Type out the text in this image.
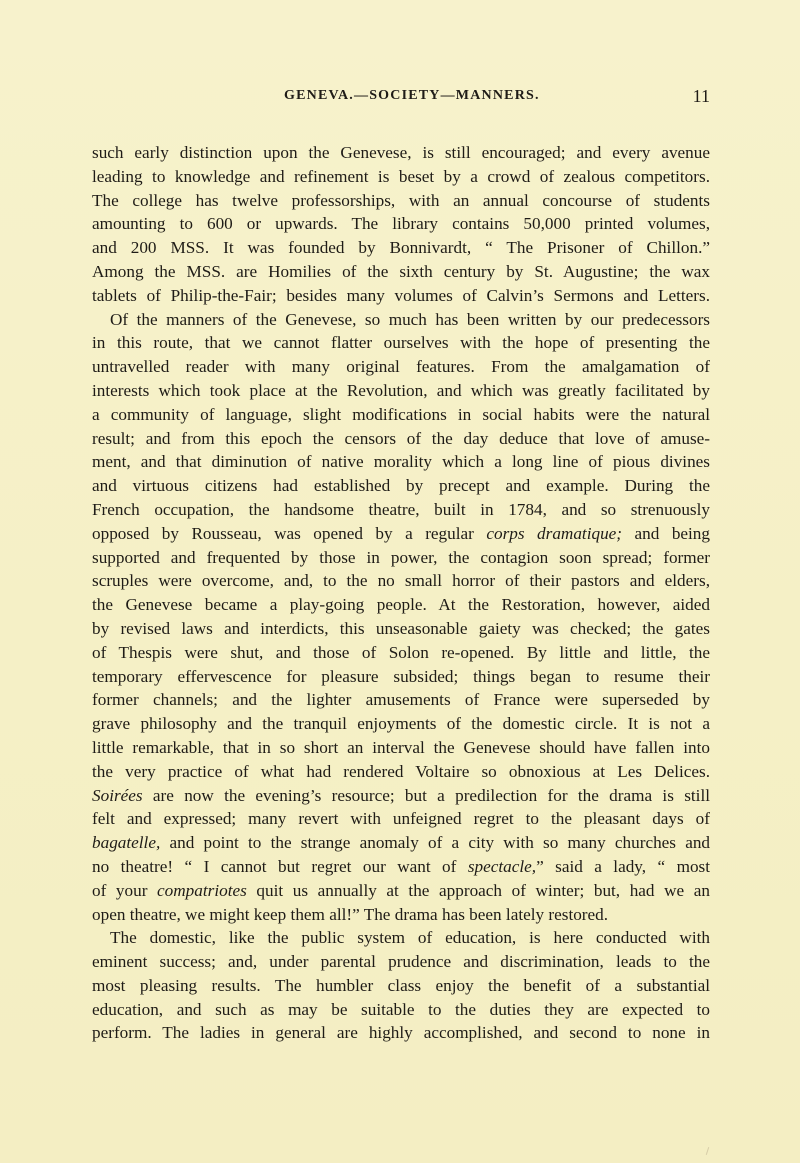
GENEVA.—SOCIETY—MANNERS.	11
such early distinction upon the Genevese, is still encouraged; and every avenue
leading to knowledge and refinement is beset by a crowd of zealous competitors.
The college has twelve professorships, with an annual concourse of students
amounting to 600 or upwards. The library contains 50,000 printed volumes,
and 200 MSS. It was founded by Bonnivardt, “ The Prisoner of Chillon.”
Among the MSS. are Homilies of the sixth century by St. Augustine; the wax
tablets of Philip-the-Fair; besides many volumes of Calvin’s Sermons and Letters.
Of the manners of the Genevese, so much has been written by our predecessors
in this route, that we cannot flatter ourselves with the hope of presenting the
untravelled reader with many original features. From the amalgamation of
interests which took place at the Revolution, and which was greatly facilitated by
a community of language, slight modifications in social habits were the natural
result; and from this epoch the censors of the day deduce that love of amuse-
ment, and that diminution of native morality which a long line of pious divines
and virtuous citizens had established by precept and example. During the
French occupation, the handsome theatre, built in 1784, and so strenuously
opposed by Rousseau, was opened by a regular corps dramatique; and being
supported and frequented by those in power, the contagion soon spread; former
scruples were overcome, and, to the no small horror of their pastors and elders,
the Genevese became a play-going people. At the Restoration, however, aided
by revised laws and interdicts, this unseasonable gaiety was checked; the gates
of Thespis were shut, and those of Solon re-opened. By little and little, the
temporary effervescence for pleasure subsided; things began to resume their
former channels; and the lighter amusements of France were superseded by
grave philosophy and the tranquil enjoyments of the domestic circle. It is not a
little remarkable, that in so short an interval the Genevese should have fallen into
the very practice of what had rendered Voltaire so obnoxious at Les Delices.
Soirées are now the evening’s resource; but a predilection for the drama is still
felt and expressed; many revert with unfeigned regret to the pleasant days of
bagatelle, and point to the strange anomaly of a city with so many churches and
no theatre! “ I cannot but regret our want of spectacle,” said a lady, “ most
of your compatriotes quit us annually at the approach of winter; but, had we an
open theatre, we might keep them all!” The drama has been lately restored.
The domestic, like the public system of education, is here conducted with
eminent success; and, under parental prudence and discrimination, leads to the
most pleasing results. The humbler class enjoy the benefit of a substantial
education, and such as may be suitable to the duties they are expected to
perform. The ladies in general are highly accomplished, and second to none in
